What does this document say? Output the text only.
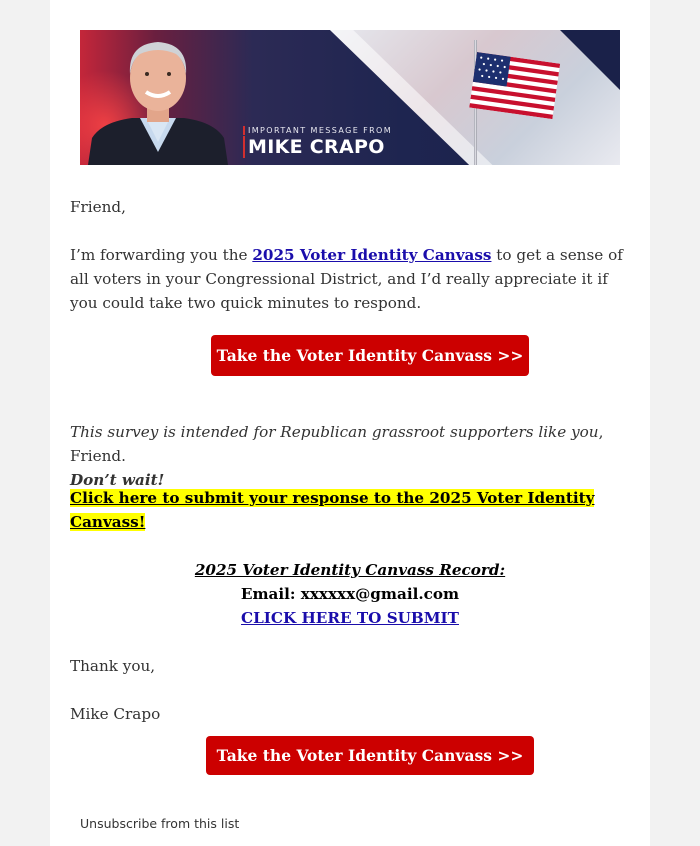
IMPORTANT MESSAGE FROM
MIKE CRAPO

Friend,

I’m forwarding you the 2025 Voter Identity Canvass to get a sense of all voters in your Congressional District, and I’d really appreciate it if you could take two quick minutes to respond.

Take the Voter Identity Canvass >>

This survey is intended for Republican grassroot supporters like you, Friend.
Don’t wait!

Click here to submit your response to the 2025 Voter Identity Canvass!

2025 Voter Identity Canvass Record:
Email: xxxxxx@gmail.com
CLICK HERE TO SUBMIT

Thank you,

Mike Crapo

Take the Voter Identity Canvass >>
Unsubscribe from this list
